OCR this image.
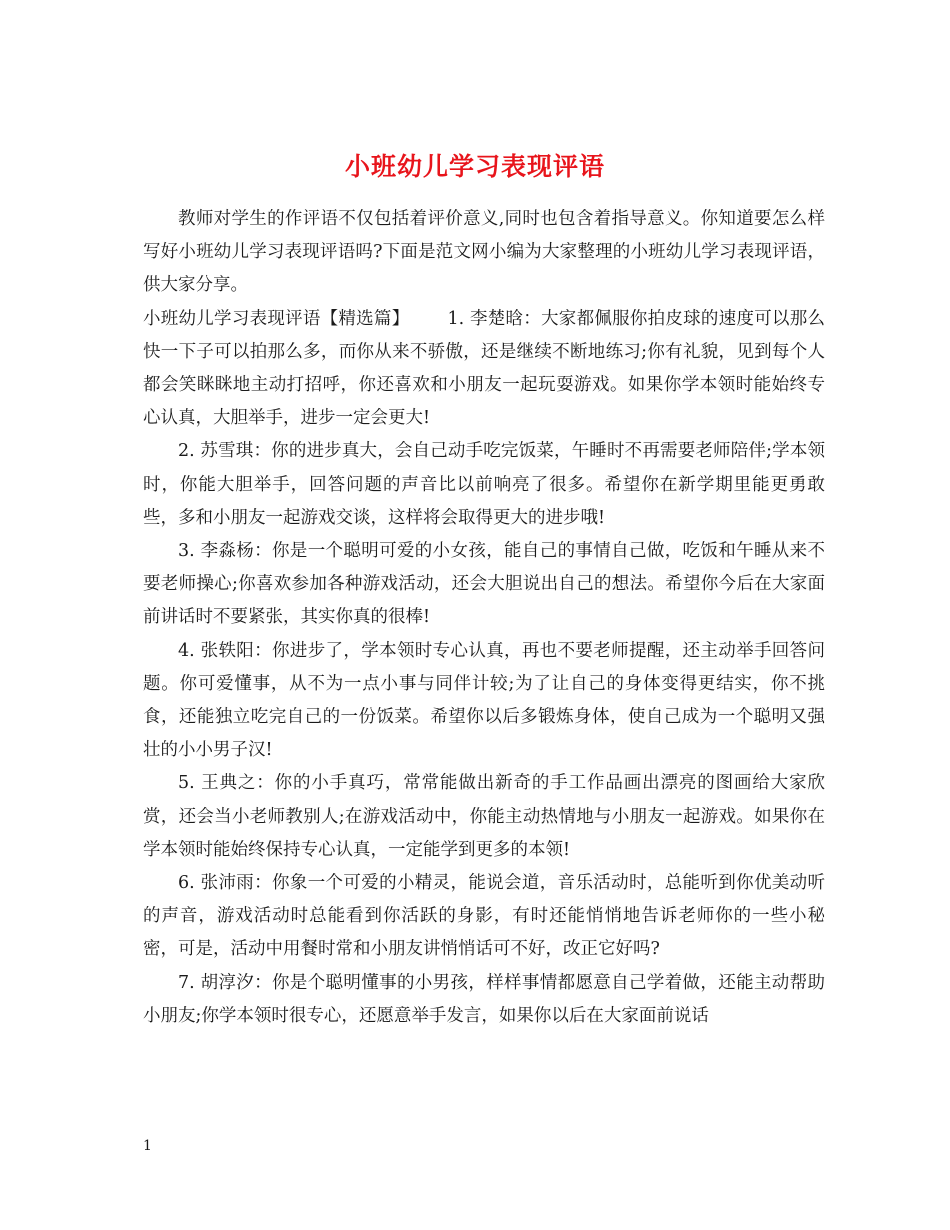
小班幼儿学习表现评语

教师对学生的作评语不仅包括着评价意义,同时也包含着指导意义。你知道要怎么样写好小班幼儿学习表现评语吗?下面是范文网小编为大家整理的小班幼儿学习表现评语，供大家分享。

小班幼儿学习表现评语【精选篇】 1. 李楚晗：大家都佩服你拍皮球的速度可以那么快一下子可以拍那么多，而你从来不骄傲，还是继续不断地练习;你有礼貌，见到每个人都会笑眯眯地主动打招呼，你还喜欢和小朋友一起玩耍游戏。如果你学本领时能始终专心认真，大胆举手，进步一定会更大!

2. 苏雪琪：你的进步真大，会自己动手吃完饭菜，午睡时不再需要老师陪伴;学本领时，你能大胆举手，回答问题的声音比以前响亮了很多。希望你在新学期里能更勇敢些，多和小朋友一起游戏交谈，这样将会取得更大的进步哦!

3. 李淼杨：你是一个聪明可爱的小女孩，能自己的事情自己做，吃饭和午睡从来不要老师操心;你喜欢参加各种游戏活动，还会大胆说出自己的想法。希望你今后在大家面前讲话时不要紧张，其实你真的很棒!

4. 张轶阳：你进步了，学本领时专心认真，再也不要老师提醒，还主动举手回答问题。你可爱懂事，从不为一点小事与同伴计较;为了让自己的身体变得更结实，你不挑食，还能独立吃完自己的一份饭菜。希望你以后多锻炼身体，使自己成为一个聪明又强壮的小小男子汉!

5. 王典之：你的小手真巧，常常能做出新奇的手工作品画出漂亮的图画给大家欣赏，还会当小老师教别人;在游戏活动中，你能主动热情地与小朋友一起游戏。如果你在学本领时能始终保持专心认真，一定能学到更多的本领!

6. 张沛雨：你象一个可爱的小精灵，能说会道，音乐活动时，总能听到你优美动听的声音，游戏活动时总能看到你活跃的身影，有时还能悄悄地告诉老师你的一些小秘密，可是，活动中用餐时常和小朋友讲悄悄话可不好，改正它好吗?

7. 胡淳汐：你是个聪明懂事的小男孩，样样事情都愿意自己学着做，还能主动帮助小朋友;你学本领时很专心，还愿意举手发言，如果你以后在大家面前说话

1
